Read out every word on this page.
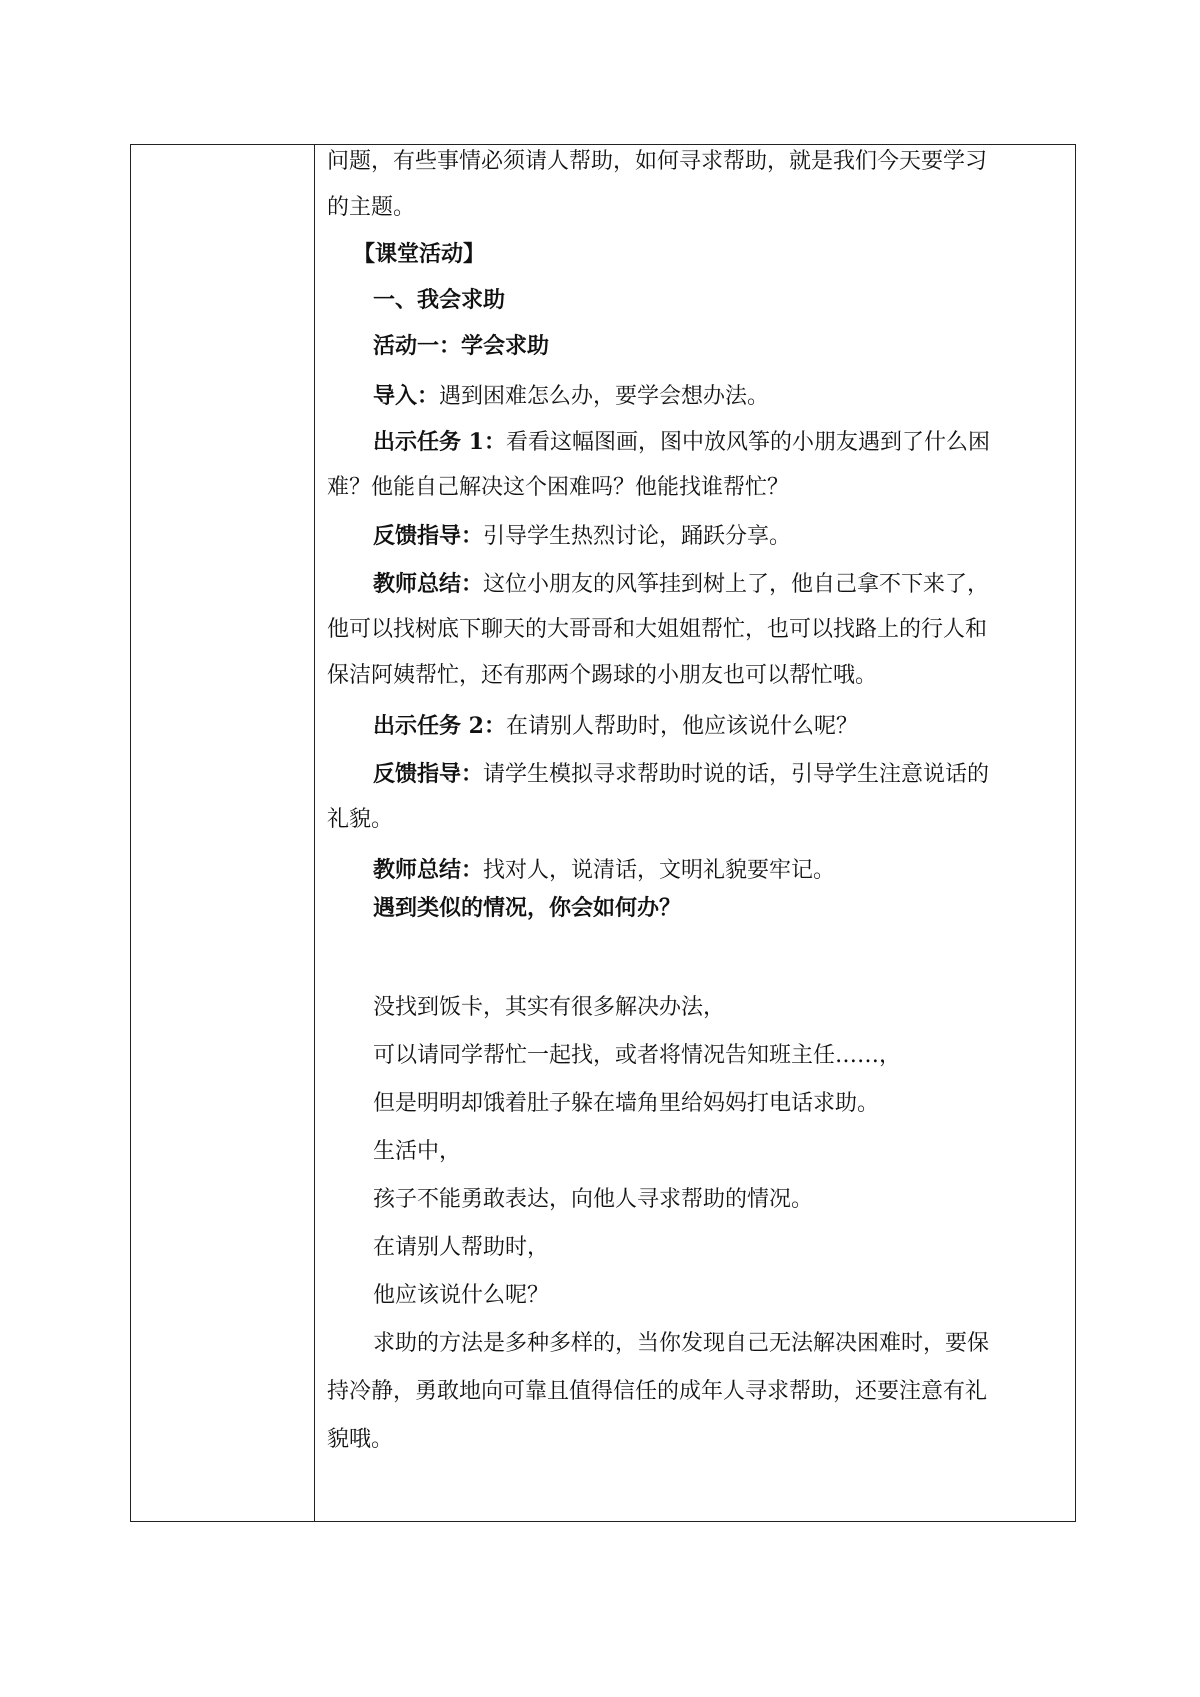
问题，有些事情必须请人帮助，如何寻求帮助，就是我们今天要学习
的主题。
【课堂活动】
一、我会求助
活动一：学会求助
导入：遇到困难怎么办，要学会想办法。
出示任务 1：看看这幅图画，图中放风筝的小朋友遇到了什么困
难？他能自己解决这个困难吗？他能找谁帮忙？
反馈指导：引导学生热烈讨论，踊跃分享。
教师总结：这位小朋友的风筝挂到树上了，他自己拿不下来了，
他可以找树底下聊天的大哥哥和大姐姐帮忙，也可以找路上的行人和
保洁阿姨帮忙，还有那两个踢球的小朋友也可以帮忙哦。
出示任务 2：在请别人帮助时，他应该说什么呢？
反馈指导：请学生模拟寻求帮助时说的话，引导学生注意说话的
礼貌。
教师总结：找对人，说清话，文明礼貌要牢记。
遇到类似的情况，你会如何办？
没找到饭卡，其实有很多解决办法，
可以请同学帮忙一起找，或者将情况告知班主任……，
但是明明却饿着肚子躲在墙角里给妈妈打电话求助。
生活中，
孩子不能勇敢表达，向他人寻求帮助的情况。
在请别人帮助时，
他应该说什么呢？
求助的方法是多种多样的，当你发现自己无法解决困难时，要保
持冷静，勇敢地向可靠且值得信任的成年人寻求帮助，还要注意有礼
貌哦。
